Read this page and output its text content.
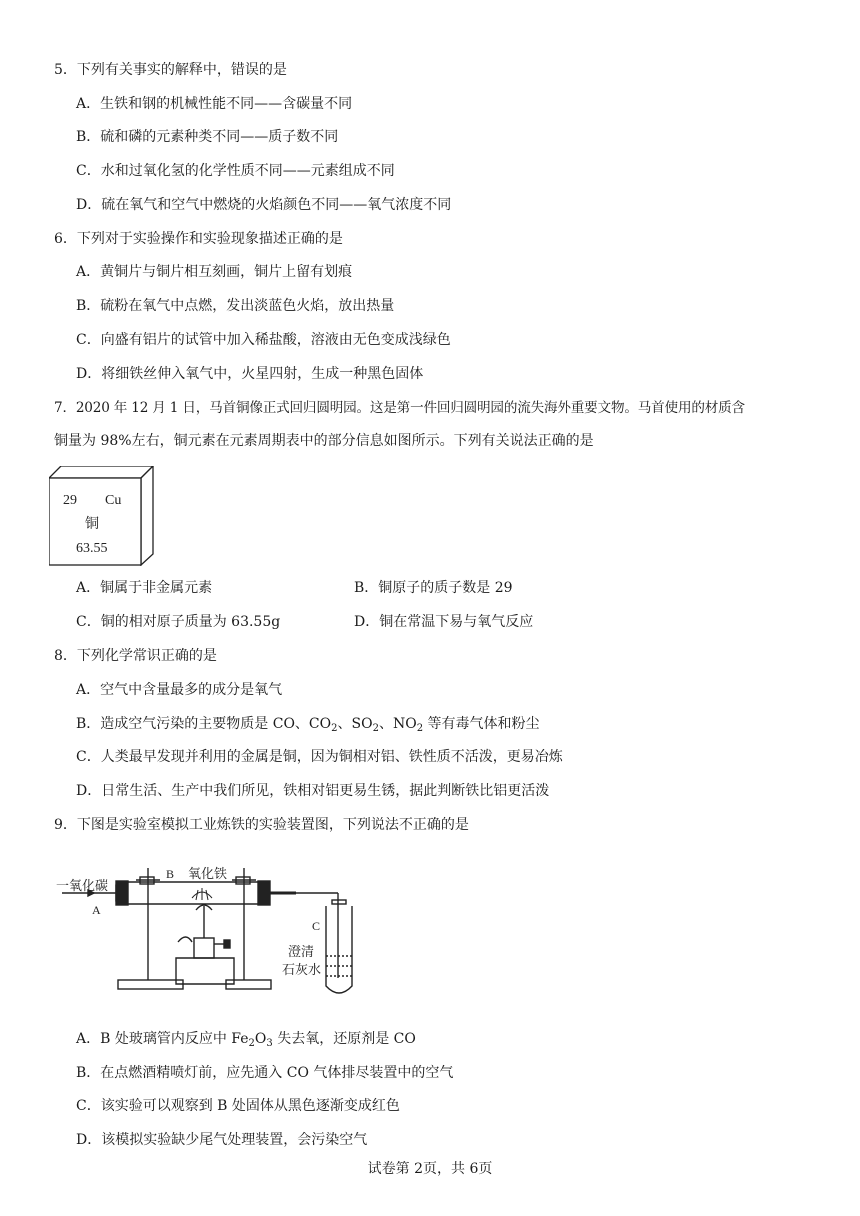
5．下列有关事实的解释中，错误的是
A．生铁和钢的机械性能不同——含碳量不同
B．硫和磷的元素种类不同——质子数不同
C．水和过氧化氢的化学性质不同——元素组成不同
D．硫在氧气和空气中燃烧的火焰颜色不同——氧气浓度不同
6．下列对于实验操作和实验现象描述正确的是
A．黄铜片与铜片相互刻画，铜片上留有划痕
B．硫粉在氧气中点燃，发出淡蓝色火焰，放出热量
C．向盛有铝片的试管中加入稀盐酸，溶液由无色变成浅绿色
D．将细铁丝伸入氧气中，火星四射，生成一种黑色固体
7．2020 年 12 月 1 日，马首铜像正式回归圆明园。这是第一件回归圆明园的流失海外重要文物。马首使用的材质含
铜量为 98%左右，铜元素在元素周期表中的部分信息如图所示。下列有关说法正确的是
29 Cu
铜
63.55
A．铜属于非金属元素	B．铜原子的质子数是 29
C．铜的相对原子质量为 63.55g	D．铜在常温下易与氧气反应
8．下列化学常识正确的是
A．空气中含量最多的成分是氧气
B．造成空气污染的主要物质是 CO、$CO_2$、$SO_2$、$NO_2$ 等有毒气体和粉尘
C．人类最早发现并利用的金属是铜，因为铜相对铝、铁性质不活泼，更易冶炼
D．日常生活、生产中我们所见，铁相对铝更易生锈，据此判断铁比铝更活泼
9．下图是实验室模拟工业炼铁的实验装置图，下列说法不正确的是
一氧化碳
A
B 氧化铁
C
澄清
石灰水
A．B 处玻璃管内反应中 $Fe_2O_3$ 失去氧，还原剂是 CO
B．在点燃酒精喷灯前，应先通入 CO 气体排尽装置中的空气
C．该实验可以观察到 B 处固体从黑色逐渐变成红色
D．该模拟实验缺少尾气处理装置，会污染空气
试卷第 2页，共 6页
